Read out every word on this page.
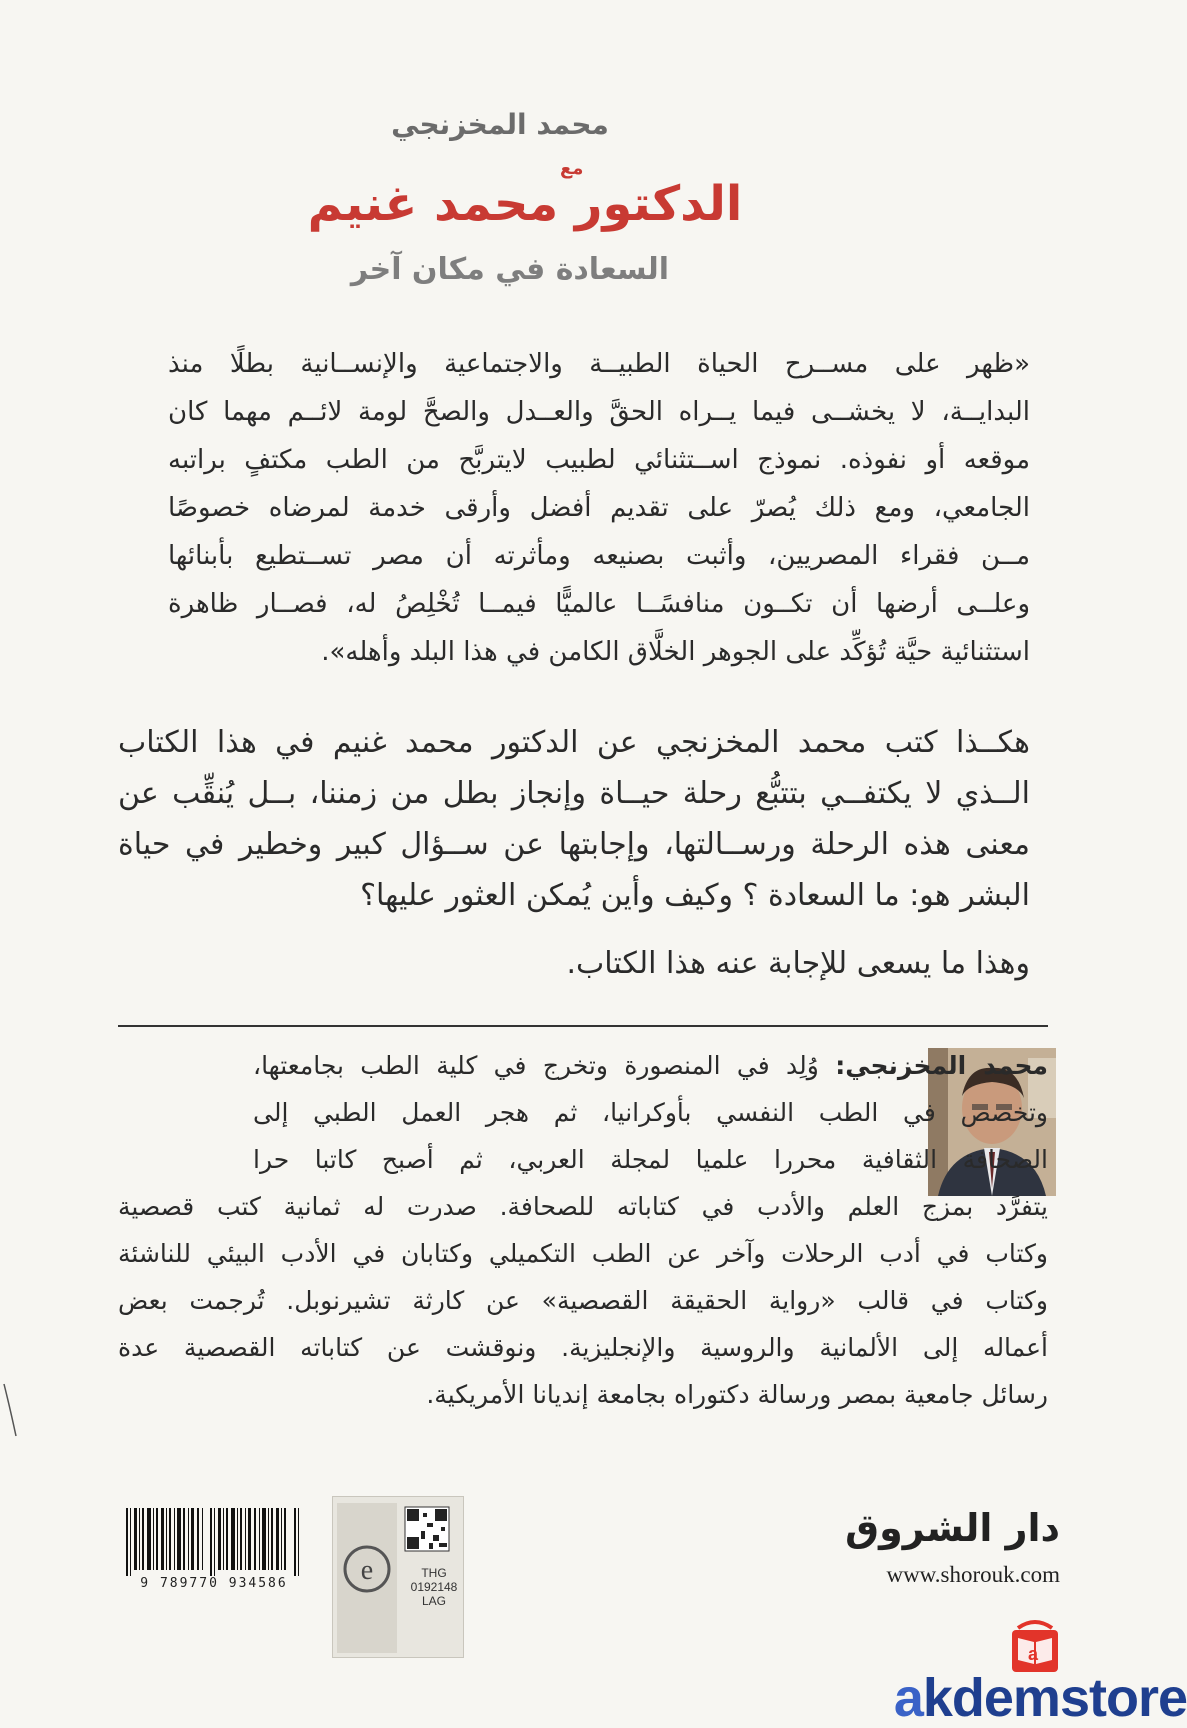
محمد المخزنجي
مع
الدكتور محمد غنيم
السعادة في مكان آخر
«ظهر على مســرح الحياة الطبيــة والاجتماعية والإنســانية بطلًا منذ
البدايــة، لا يخشــى فيما يــراه الحقَّ والعــدل والصحَّ لومة لائــم مهما كان
موقعه أو نفوذه. نموذج اســتثنائي لطبيب لايتربَّح من الطب مكتفٍ براتبه
الجامعي، ومع ذلك يُصرّ على تقديم أفضل وأرقى خدمة لمرضاه خصوصًا
مــن فقراء المصريين، وأثبت بصنيعه ومأثرته أن مصر تســتطيع بأبنائها
وعلــى أرضها أن تكــون منافسًــا عالميًّا فيمــا تُخْلِصُ له، فصــار ظاهرة
استثنائية حيَّة تُؤكِّد على الجوهر الخلَّاق الكامن في هذا البلد وأهله».
هكــذا كتب محمد المخزنجي عن الدكتور محمد غنيم في هذا الكتاب
الــذي لا يكتفــي بتتبُّع رحلة حيــاة وإنجاز بطل من زمننا، بــل يُنقِّب عن
معنى هذه الرحلة ورســالتها، وإجابتها عن ســؤال كبير وخطير في حياة
البشر هو: ما السعادة ؟ وكيف وأين يُمكن العثور عليها؟
وهذا ما يسعى للإجابة عنه هذا الكتاب.
محمد المخزنجي: وُلِد في المنصورة وتخرج في كلية الطب بجامعتها،
وتخصص في الطب النفسي بأوكرانيا، ثم هجر العمل الطبي إلى
الصحافة الثقافية محررا علميا لمجلة العربي، ثم أصبح كاتبا حرا
يتفرَّد بمزج العلم والأدب في كتاباته للصحافة. صدرت له ثمانية كتب قصصية
وكتاب في أدب الرحلات وآخر عن الطب التكميلي وكتابان في الأدب البيئي للناشئة
وكتاب في قالب «رواية الحقيقة القصصية» عن كارثة تشيرنوبل. تُرجمت بعض
أعماله إلى الألمانية والروسية والإنجليزية. ونوقشت عن كتاباته القصصية عدة
رسائل جامعية بمصر ورسالة دكتوراه بجامعة إنديانا الأمريكية.
9 789770 934586	e	THG
0192148
LAG
دار الشروق
www.shorouk.com
a
akdemstore
